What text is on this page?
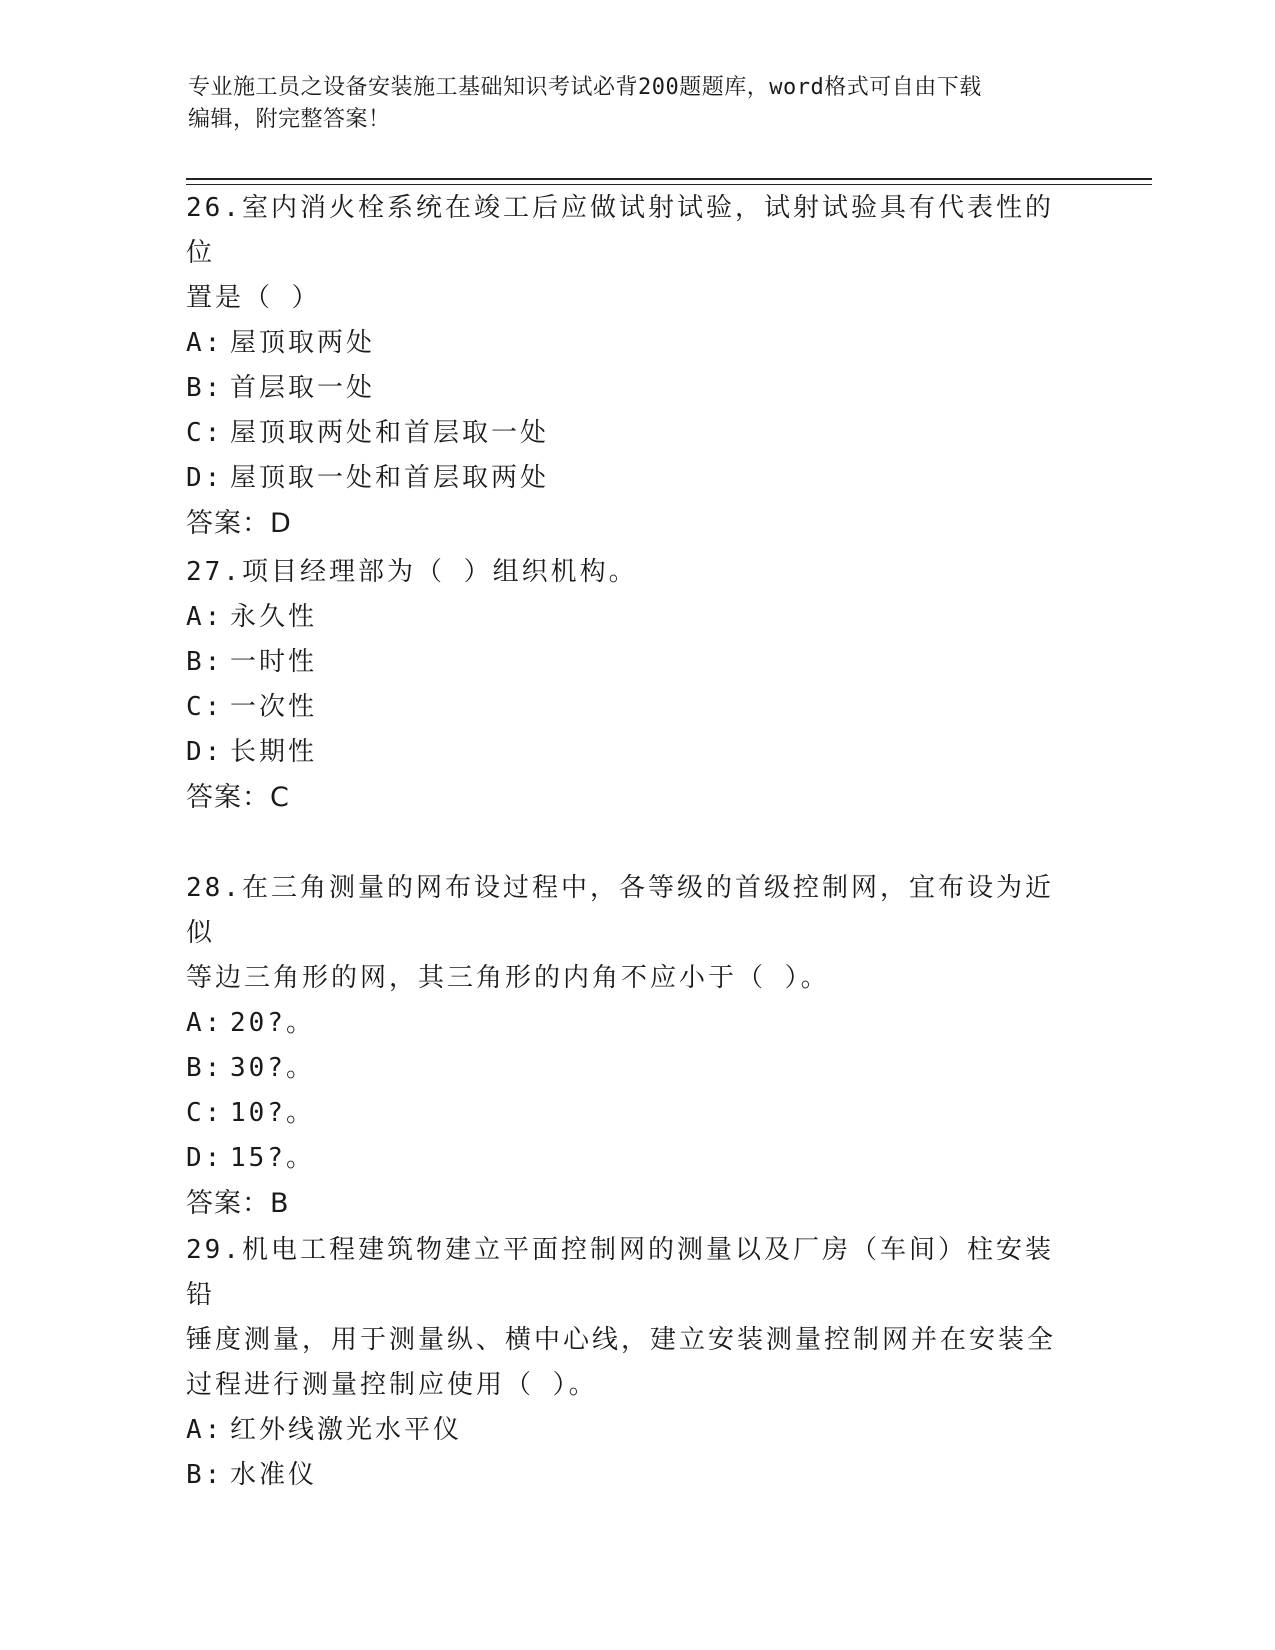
专业施工员之设备安装施工基础知识考试必背200题题库，word格式可自由下载
编辑，附完整答案！
26.室内消火栓系统在竣工后应做试射试验，试射试验具有代表性的位
置是（ ）
A: 屋顶取两处
B: 首层取一处
C: 屋顶取两处和首层取一处
D: 屋顶取一处和首层取两处
答案：D
27.项目经理部为（ ）组织机构。
A: 永久性
B: 一时性
C: 一次性
D: 长期性
答案：C
28.在三角测量的网布设过程中，各等级的首级控制网，宜布设为近似
等边三角形的网，其三角形的内角不应小于（ ）。
A: 20?。
B: 30?。
C: 10?。
D: 15?。
答案：B
29.机电工程建筑物建立平面控制网的测量以及厂房（车间）柱安装铅
锤度测量，用于测量纵、横中心线，建立安装测量控制网并在安装全
过程进行测量控制应使用（ ）。
A: 红外线激光水平仪
B: 水准仪
